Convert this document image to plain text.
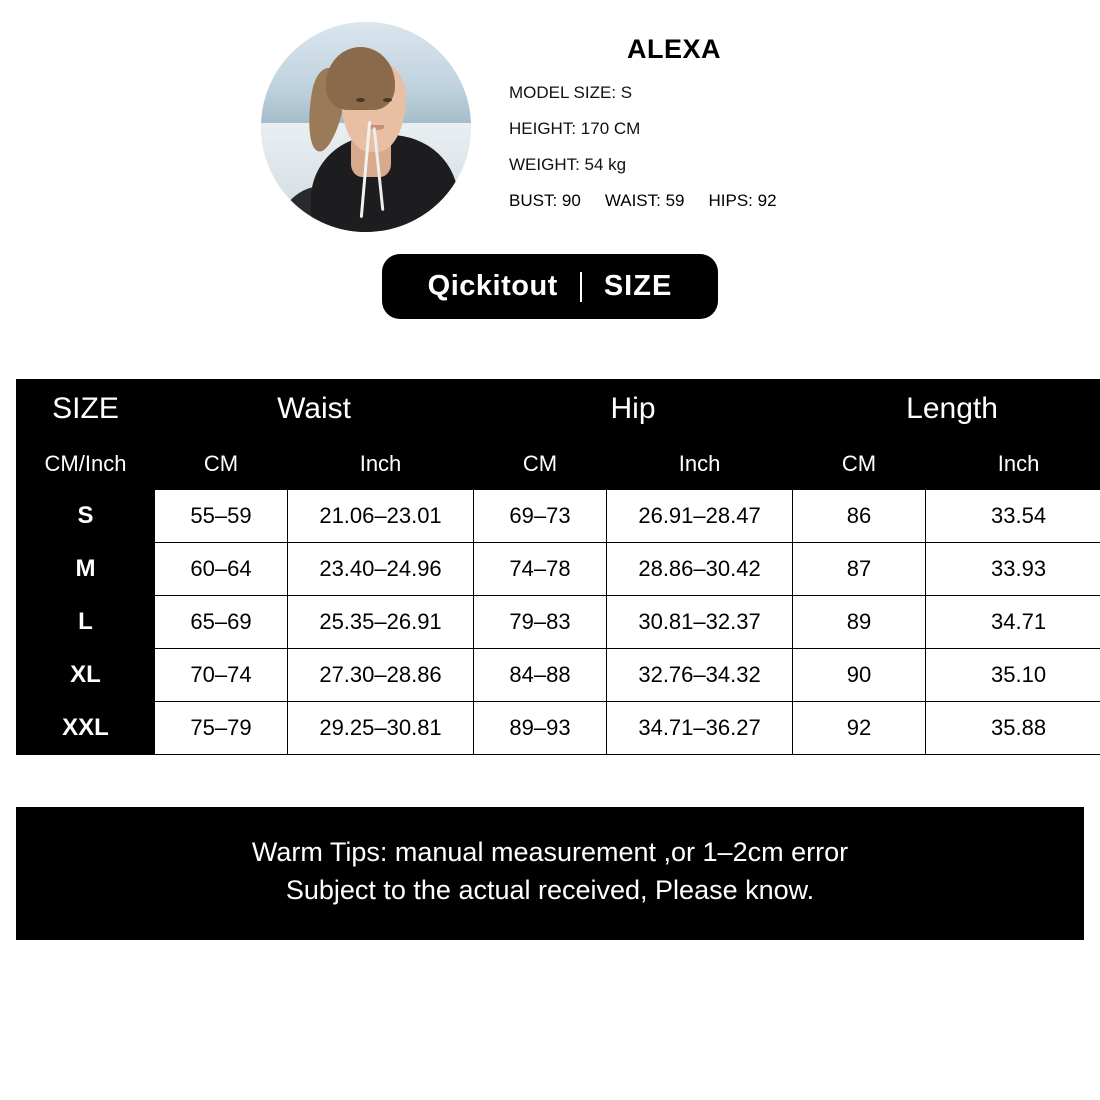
ALEXA
MODEL SIZE: S
HEIGHT: 170 CM
WEIGHT: 54 kg
BUST: 90 WAIST: 59 HIPS: 92
Qickitout SIZE
SIZE	Waist		Hip		Length	
CM/Inch	CM	Inch	CM	Inch	CM	Inch
S	55–59	21.06–23.01	69–73	26.91–28.47	86	33.54
M	60–64	23.40–24.96	74–78	28.86–30.42	87	33.93
L	65–69	25.35–26.91	79–83	30.81–32.37	89	34.71
XL	70–74	27.30–28.86	84–88	32.76–34.32	90	35.10
XXL	75–79	29.25–30.81	89–93	34.71–36.27	92	35.88
Warm Tips: manual measurement ,or 1–2cm error
Subject to the actual received, Please know.
